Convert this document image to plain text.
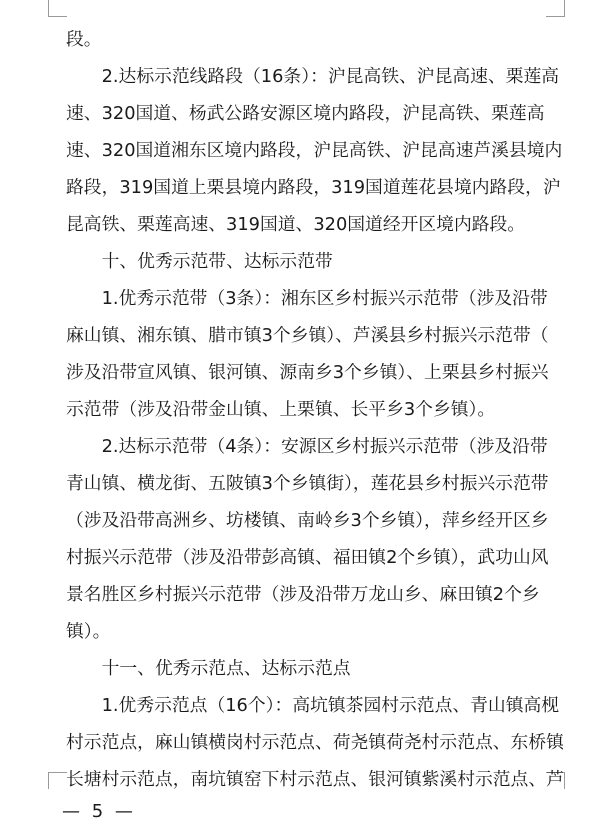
段。
2.达标示范线路段（16条）：沪昆高铁、沪昆高速、栗莲高
速、320国道、杨武公路安源区境内路段，沪昆高铁、栗莲高
速、320国道湘东区境内路段，沪昆高铁、沪昆高速芦溪县境内
路段，319国道上栗县境内路段，319国道莲花县境内路段，沪
昆高铁、栗莲高速、319国道、320国道经开区境内路段。
十、优秀示范带、达标示范带
1.优秀示范带（3条）：湘东区乡村振兴示范带（涉及沿带
麻山镇、湘东镇、腊市镇3个乡镇）、芦溪县乡村振兴示范带（
涉及沿带宣风镇、银河镇、源南乡3个乡镇）、上栗县乡村振兴
示范带（涉及沿带金山镇、上栗镇、长平乡3个乡镇）。
2.达标示范带（4条）：安源区乡村振兴示范带（涉及沿带
青山镇、横龙街、五陂镇3个乡镇街），莲花县乡村振兴示范带
（涉及沿带高洲乡、坊楼镇、南岭乡3个乡镇），萍乡经开区乡
村振兴示范带（涉及沿带彭高镇、福田镇2个乡镇），武功山风
景名胜区乡村振兴示范带（涉及沿带万龙山乡、麻田镇2个乡
镇）。
十一、优秀示范点、达标示范点
1.优秀示范点（16个）：高坑镇茶园村示范点、青山镇高枧
村示范点，麻山镇横岗村示范点、荷尧镇荷尧村示范点、东桥镇
长塘村示范点，南坑镇窑下村示范点、银河镇紫溪村示范点、芦
— 5 —
